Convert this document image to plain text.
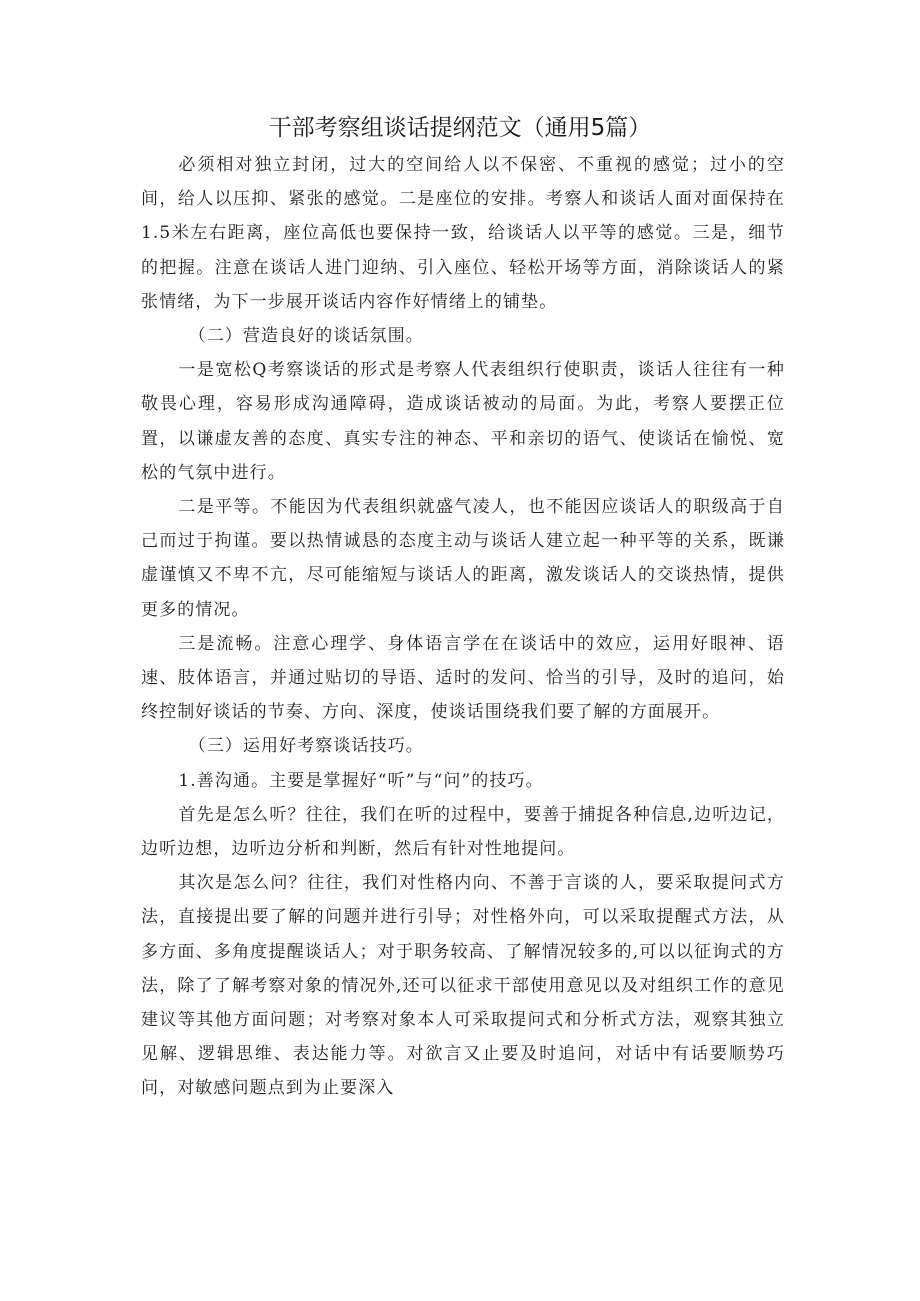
干部考察组谈话提纲范文（通用5篇）

必须相对独立封闭，过大的空间给人以不保密、不重视的感觉；过小的空间，给人以压抑、紧张的感觉。二是座位的安排。考察人和谈话人面对面保持在1.5米左右距离，座位高低也要保持一致，给谈话人以平等的感觉。三是，细节的把握。注意在谈话人进门迎纳、引入座位、轻松开场等方面，消除谈话人的紧张情绪，为下一步展开谈话内容作好情绪上的铺垫。

（二）营造良好的谈话氛围。

一是宽松Q考察谈话的形式是考察人代表组织行使职责，谈话人往往有一种敬畏心理，容易形成沟通障碍，造成谈话被动的局面。为此，考察人要摆正位置，以谦虚友善的态度、真实专注的神态、平和亲切的语气、使谈话在愉悦、宽松的气氛中进行。

二是平等。不能因为代表组织就盛气凌人，也不能因应谈话人的职级高于自己而过于拘谨。要以热情诚恳的态度主动与谈话人建立起一种平等的关系，既谦虚谨慎又不卑不亢，尽可能缩短与谈话人的距离，激发谈话人的交谈热情，提供更多的情况。

三是流畅。注意心理学、身体语言学在在谈话中的效应，运用好眼神、语速、肢体语言，并通过贴切的导语、适时的发问、恰当的引导，及时的追问，始终控制好谈话的节奏、方向、深度，使谈话围绕我们要了解的方面展开。

（三）运用好考察谈话技巧。

1.善沟通。主要是掌握好“听”与“问”的技巧。

首先是怎么听？往往，我们在听的过程中，要善于捕捉各种信息,边听边记，边听边想，边听边分析和判断，然后有针对性地提问。

其次是怎么问？往往，我们对性格内向、不善于言谈的人，要采取提问式方法，直接提出要了解的问题并进行引导；对性格外向，可以采取提醒式方法，从多方面、多角度提醒谈话人；对于职务较高、了解情况较多的,可以以征询式的方法，除了了解考察对象的情况外,还可以征求干部使用意见以及对组织工作的意见建议等其他方面问题；对考察对象本人可采取提问式和分析式方法，观察其独立见解、逻辑思维、表达能力等。对欲言又止要及时追问，对话中有话要顺势巧问，对敏感问题点到为止要深入
